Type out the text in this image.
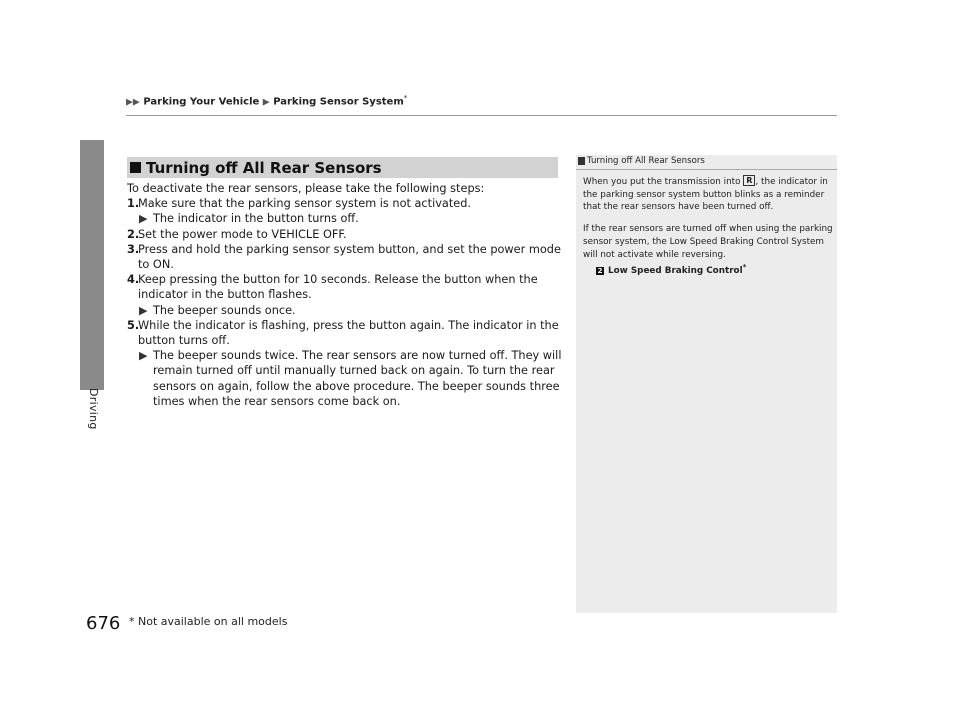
▶▶ Parking Your Vehicle ▶ Parking Sensor System*
Driving
Turning off All Rear Sensors
To deactivate the rear sensors, please take the following steps:
1.
Make sure that the parking sensor system is not activated.
▶ The indicator in the button turns off.
2.
Set the power mode to VEHICLE OFF.
3.
Press and hold the parking sensor system button, and set the power mode to ON.
4.
Keep pressing the button for 10 seconds. Release the button when the indicator in the button flashes.
▶ The beeper sounds once.
5.
While the indicator is flashing, press the button again. The indicator in the button turns off.
▶ The beeper sounds twice. The rear sensors are now turned off. They will remain turned off until manually turned back on again. To turn the rear sensors on again, follow the above procedure. The beeper sounds three times when the rear sensors come back on.
Turning off All Rear Sensors

When you put the transmission into R , the indicator in the parking sensor system button blinks as a reminder that the rear sensors have been turned off.

If the rear sensors are turned off when using the parking sensor system, the Low Speed Braking Control System will not activate while reversing.

2 Low Speed Braking Control*
676 * Not available on all models
